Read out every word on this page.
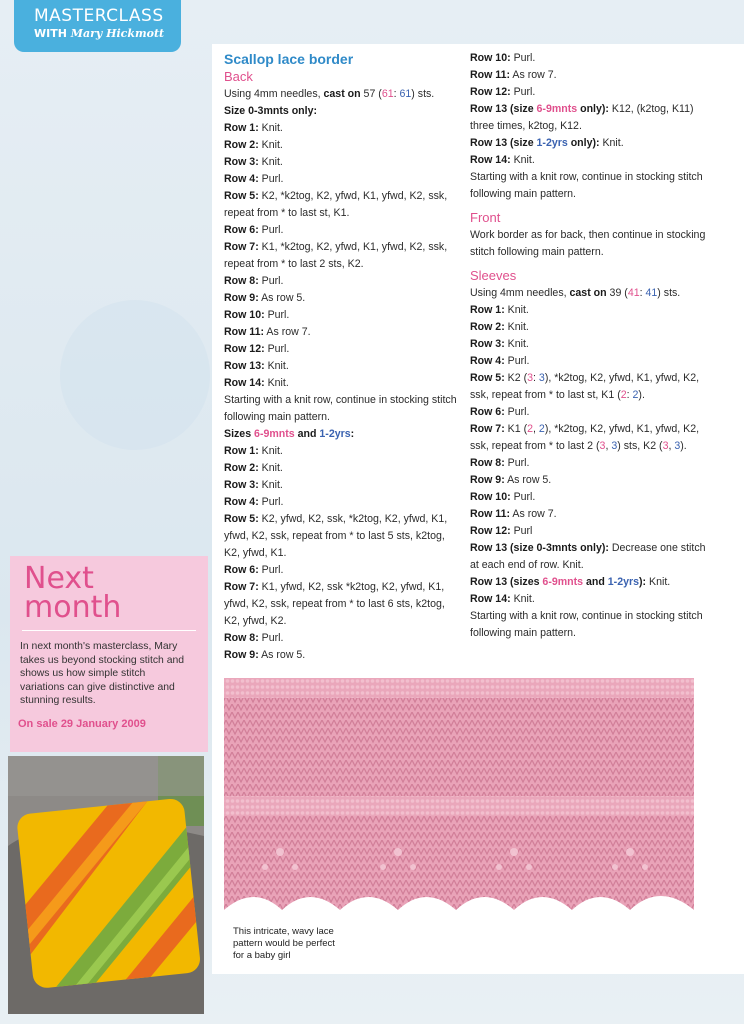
MASTERCLASS
WITH Mary Hickmott
Scallop lace border
Back

Using 4mm needles, cast on 57 (61: 61) sts.

Size 0-3mnts only:

Row 1: Knit.

Row 2: Knit.

Row 3: Knit.

Row 4: Purl.

Row 5: K2, *k2tog, K2, yfwd, K1, yfwd, K2, ssk, repeat from * to last st, K1.

Row 6: Purl.

Row 7: K1, *k2tog, K2, yfwd, K1, yfwd, K2, ssk, repeat from * to last 2 sts, K2.

Row 8: Purl.

Row 9: As row 5.

Row 10: Purl.

Row 11: As row 7.

Row 12: Purl.

Row 13: Knit.

Row 14: Knit.

Starting with a knit row, continue in stocking stitch following main pattern.

Sizes 6-9mnts and 1-2yrs:

Row 1: Knit.

Row 2: Knit.

Row 3: Knit.

Row 4: Purl.

Row 5: K2, yfwd, K2, ssk, *k2tog, K2, yfwd, K1, yfwd, K2, ssk, repeat from * to last 5 sts, k2tog, K2, yfwd, K1.

Row 6: Purl.

Row 7: K1, yfwd, K2, ssk *k2tog, K2, yfwd, K1, yfwd, K2, ssk, repeat from * to last 6 sts, k2tog, K2, yfwd, K2.

Row 8: Purl.

Row 9: As row 5.

Row 10: Purl.

Row 11: As row 7.

Row 12: Purl.

Row 13 (size 6-9mnts only): K12, (k2tog, K11) three times, k2tog, K12.

Row 13 (size 1-2yrs only): Knit.

Row 14: Knit.

Starting with a knit row, continue in stocking stitch following main pattern.

Front

Work border as for back, then continue in stocking stitch following main pattern.

Sleeves

Using 4mm needles, cast on 39 (41: 41) sts.

Row 1: Knit.

Row 2: Knit.

Row 3: Knit.

Row 4: Purl.

Row 5: K2 (3: 3), *k2tog, K2, yfwd, K1, yfwd, K2, ssk, repeat from * to last st, K1 (2: 2).

Row 6: Purl.

Row 7: K1 (2, 2), *k2tog, K2, yfwd, K1, yfwd, K2, ssk, repeat from * to last 2 (3, 3) sts, K2 (3, 3).

Row 8: Purl.

Row 9: As row 5.

Row 10: Purl.

Row 11: As row 7.

Row 12: Purl

Row 13 (size 0-3mnts only): Decrease one stitch at each end of row. Knit.

Row 13 (sizes 6-9mnts and 1-2yrs): Knit.

Row 14: Knit.

Starting with a knit row, continue in stocking stitch following main pattern.

Next
month
In next month's masterclass, Mary takes us beyond stocking stitch and shows us how simple stitch variations can give distinctive and stunning results.
On sale 29 January 2009
This intricate, wavy lace pattern would be perfect for a baby girl
